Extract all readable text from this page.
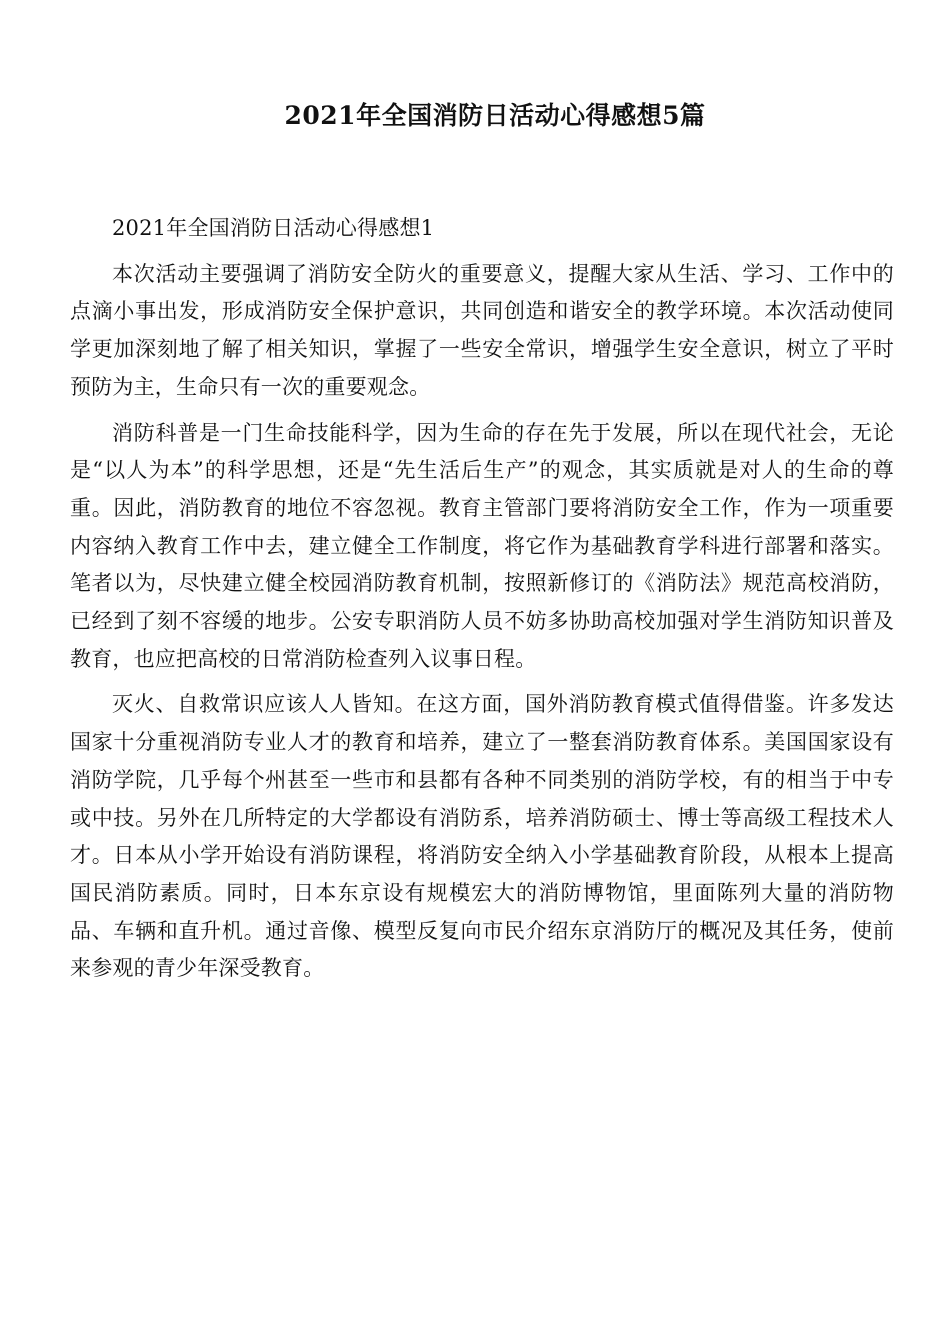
2021年全国消防日活动心得感想5篇

2021年全国消防日活动心得感想1

本次活动主要强调了消防安全防火的重要意义，提醒大家从生活、学习、工作中的点滴小事出发，形成消防安全保护意识，共同创造和谐安全的教学环境。本次活动使同学更加深刻地了解了相关知识，掌握了一些安全常识，增强学生安全意识，树立了平时预防为主，生命只有一次的重要观念。

消防科普是一门生命技能科学，因为生命的存在先于发展，所以在现代社会，无论是“以人为本”的科学思想，还是“先生活后生产”的观念，其实质就是对人的生命的尊重。因此，消防教育的地位不容忽视。教育主管部门要将消防安全工作，作为一项重要内容纳入教育工作中去，建立健全工作制度，将它作为基础教育学科进行部署和落实。笔者以为，尽快建立健全校园消防教育机制，按照新修订的《消防法》规范高校消防，已经到了刻不容缓的地步。公安专职消防人员不妨多协助高校加强对学生消防知识普及教育，也应把高校的日常消防检查列入议事日程。

灭火、自救常识应该人人皆知。在这方面，国外消防教育模式值得借鉴。许多发达国家十分重视消防专业人才的教育和培养，建立了一整套消防教育体系。美国国家设有消防学院，几乎每个州甚至一些市和县都有各种不同类别的消防学校，有的相当于中专或中技。另外在几所特定的大学都设有消防系，培养消防硕士、博士等高级工程技术人才。日本从小学开始设有消防课程，将消防安全纳入小学基础教育阶段，从根本上提高国民消防素质。同时，日本东京设有规模宏大的消防博物馆，里面陈列大量的消防物品、车辆和直升机。通过音像、模型反复向市民介绍东京消防厅的概况及其任务，使前来参观的青少年深受教育。
